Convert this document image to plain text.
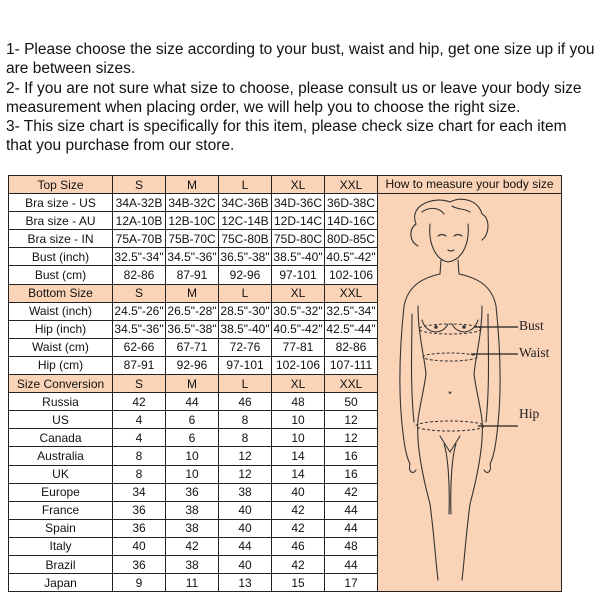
1- Please choose the size according to your bust, waist and hip, get one size up if you are between sizes.

2- If you are not sure what size to choose, please consult us or leave your body size measurement when placing order, we will help you to choose the right size.

3- This size chart is specifically for this item, please check size chart for each item that you purchase from our store.

Top Size	S	M	L	XL	XXL	How to measure your body size
Bust
Waist
Hip

Bra size - US	34A-32B	34B-32C	34C-36B	34D-36C	36D-38C	
Bra size - AU	12A-10B	12B-10C	12C-14B	12D-14C	14D-16C	
Bra size - IN	75A-70B	75B-70C	75C-80B	75D-80C	80D-85C	
Bust (inch)	32.5"-34"	34.5"-36"	36.5"-38"	38.5"-40"	40.5"-42"	
Bust (cm)	82-86	87-91	92-96	97-101	102-106	
Bottom Size	S	M	L	XL	XXL	
Waist (inch)	24.5"-26"	26.5"-28"	28.5"-30"	30.5"-32"	32.5"-34"	
Hip (inch)	34.5"-36"	36.5"-38"	38.5"-40"	40.5"-42"	42.5"-44"	
Waist (cm)	62-66	67-71	72-76	77-81	82-86	
Hip (cm)	87-91	92-96	97-101	102-106	107-111	
Size Conversion	S	M	L	XL	XXL	
Russia	42	44	46	48	50	
US	4	6	8	10	12	
Canada	4	6	8	10	12	
Australia	8	10	12	14	16	
UK	8	10	12	14	16	
Europe	34	36	38	40	42	
France	36	38	40	42	44	
Spain	36	38	40	42	44	
Italy	40	42	44	46	48	
Brazil	36	38	40	42	44	
Japan	9	11	13	15	17	
